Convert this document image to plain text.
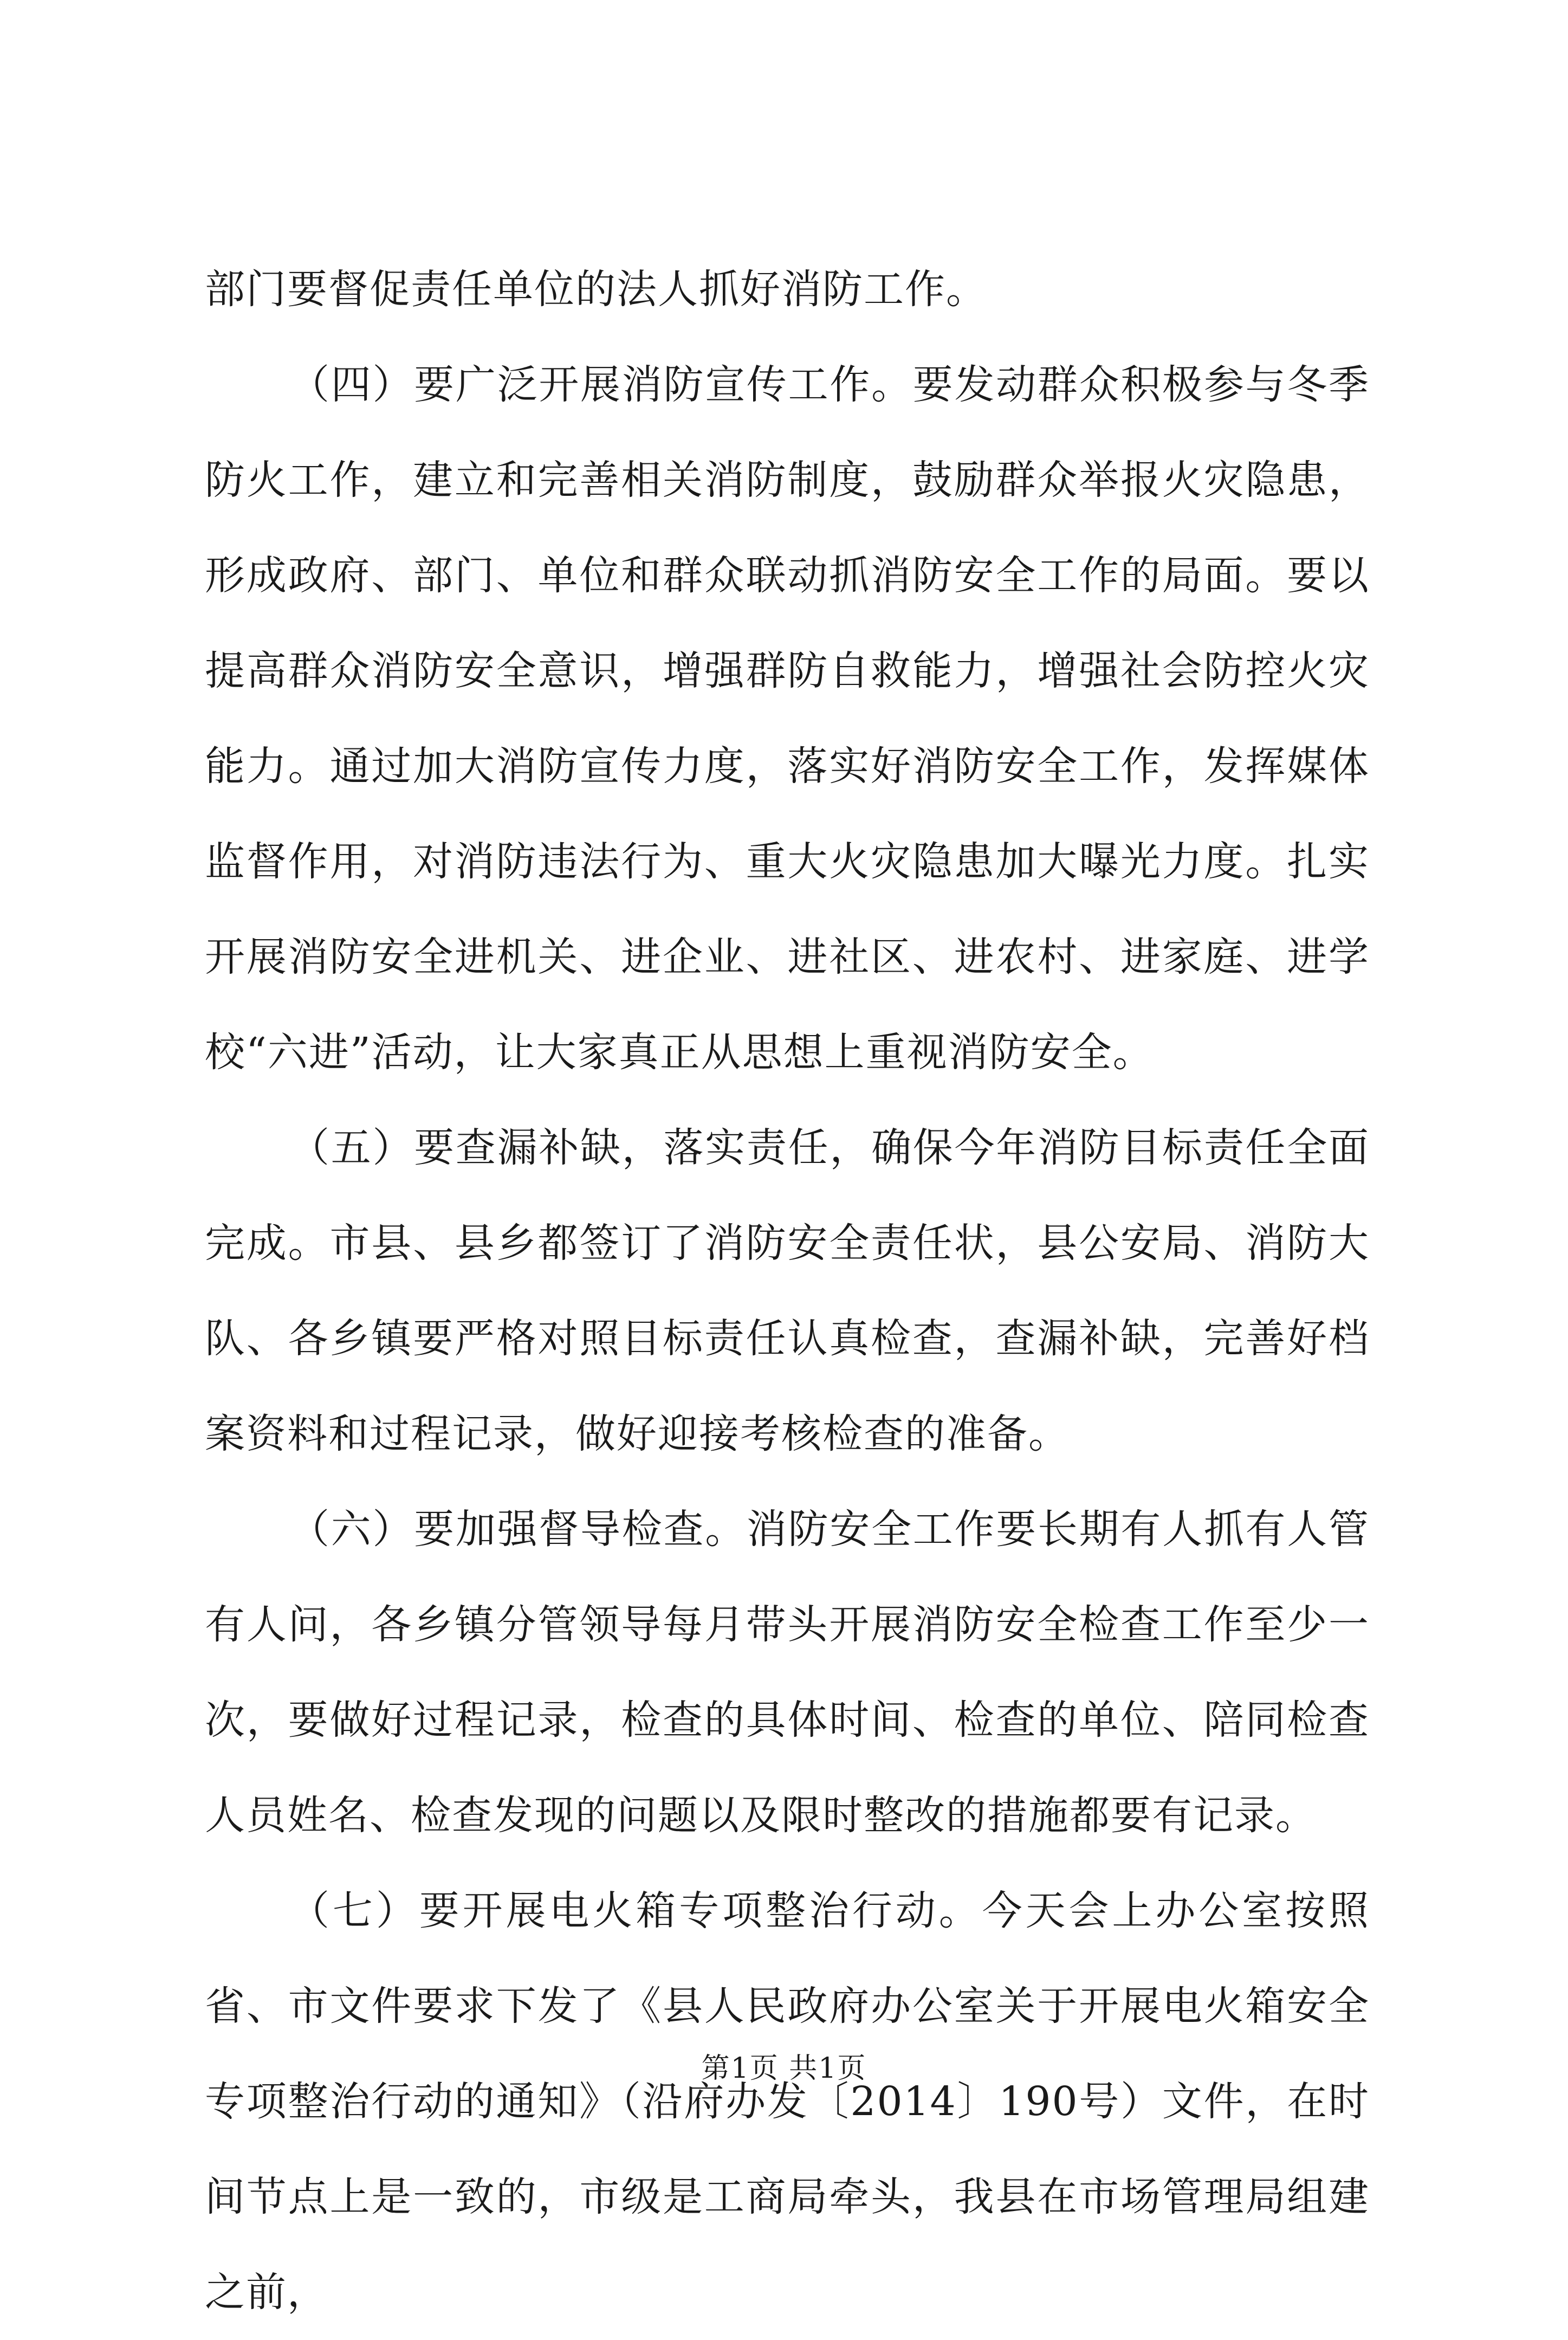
部门要督促责任单位的法人抓好消防工作。

（四）要广泛开展消防宣传工作。要发动群众积极参与冬季防火工作，建立和完善相关消防制度，鼓励群众举报火灾隐患，形成政府、部门、单位和群众联动抓消防安全工作的局面。要以提高群众消防安全意识，增强群防自救能力，增强社会防控火灾能力。通过加大消防宣传力度，落实好消防安全工作，发挥媒体监督作用，对消防违法行为、重大火灾隐患加大曝光力度。扎实开展消防安全进机关、进企业、进社区、进农村、进家庭、进学校“六进”活动，让大家真正从思想上重视消防安全。

（五）要查漏补缺，落实责任，确保今年消防目标责任全面完成。市县、县乡都签订了消防安全责任状，县公安局、消防大队、各乡镇要严格对照目标责任认真检查，查漏补缺，完善好档案资料和过程记录，做好迎接考核检查的准备。

（六）要加强督导检查。消防安全工作要长期有人抓有人管有人问，各乡镇分管领导每月带头开展消防安全检查工作至少一次，要做好过程记录，检查的具体时间、检查的单位、陪同检查人员姓名、检查发现的问题以及限时整改的措施都要有记录。

（七）要开展电火箱专项整治行动。今天会上办公室按照省、市文件要求下发了《县人民政府办公室关于开展电火箱安全专项整治行动的通知》（沿府办发〔2014〕190号）文件，在时间节点上是一致的，市级是工商局牵头，我县在市场管理局组建之前，

第1页 共1页
